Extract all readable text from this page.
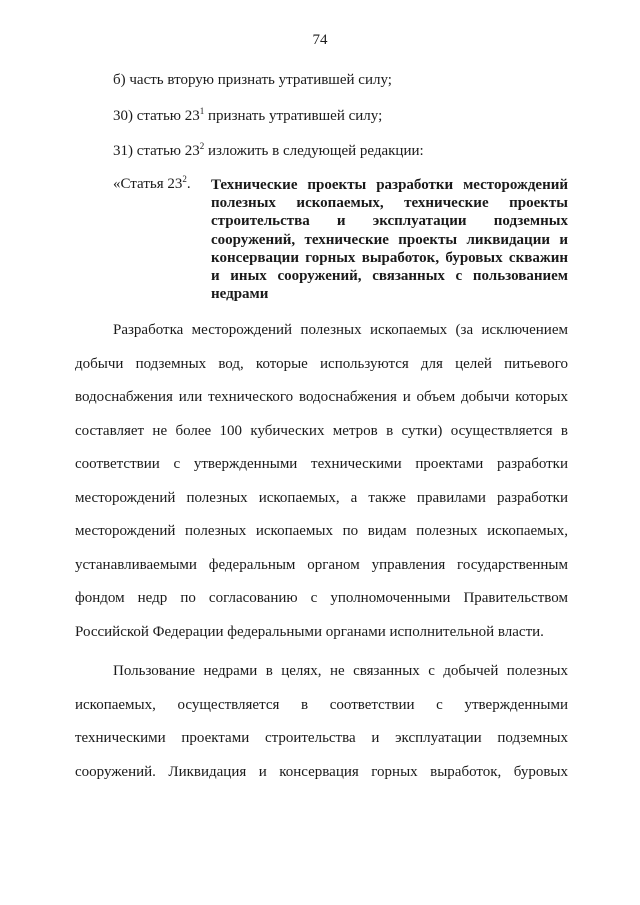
74
б) часть вторую признать утратившей силу;
30) статью $23^1$ признать утратившей силу;
31) статью $23^2$ изложить в следующей редакции:
«Статья $23^2$. Технические проекты разработки месторождений полезных ископаемых, технические проекты строительства и эксплуатации подземных сооружений, технические проекты ликвидации и консервации горных выработок, буровых скважин и иных сооружений, связанных с пользованием недрами

Разработка месторождений полезных ископаемых (за исключением добычи подземных вод, которые используются для целей питьевого водоснабжения или технического водоснабжения и объем добычи которых составляет не более 100 кубических метров в сутки) осуществляется в соответствии с утвержденными техническими проектами разработки месторождений полезных ископаемых, а также правилами разработки месторождений полезных ископаемых по видам полезных ископаемых, устанавливаемыми федеральным органом управления государственным фондом недр по согласованию с уполномоченными Правительством Российской Федерации федеральными органами исполнительной власти.

Пользование недрами в целях, не связанных с добычей полезных ископаемых, осуществляется в соответствии с утвержденными техническими проектами строительства и эксплуатации подземных сооружений. Ликвидация и консервация горных выработок, буровых
